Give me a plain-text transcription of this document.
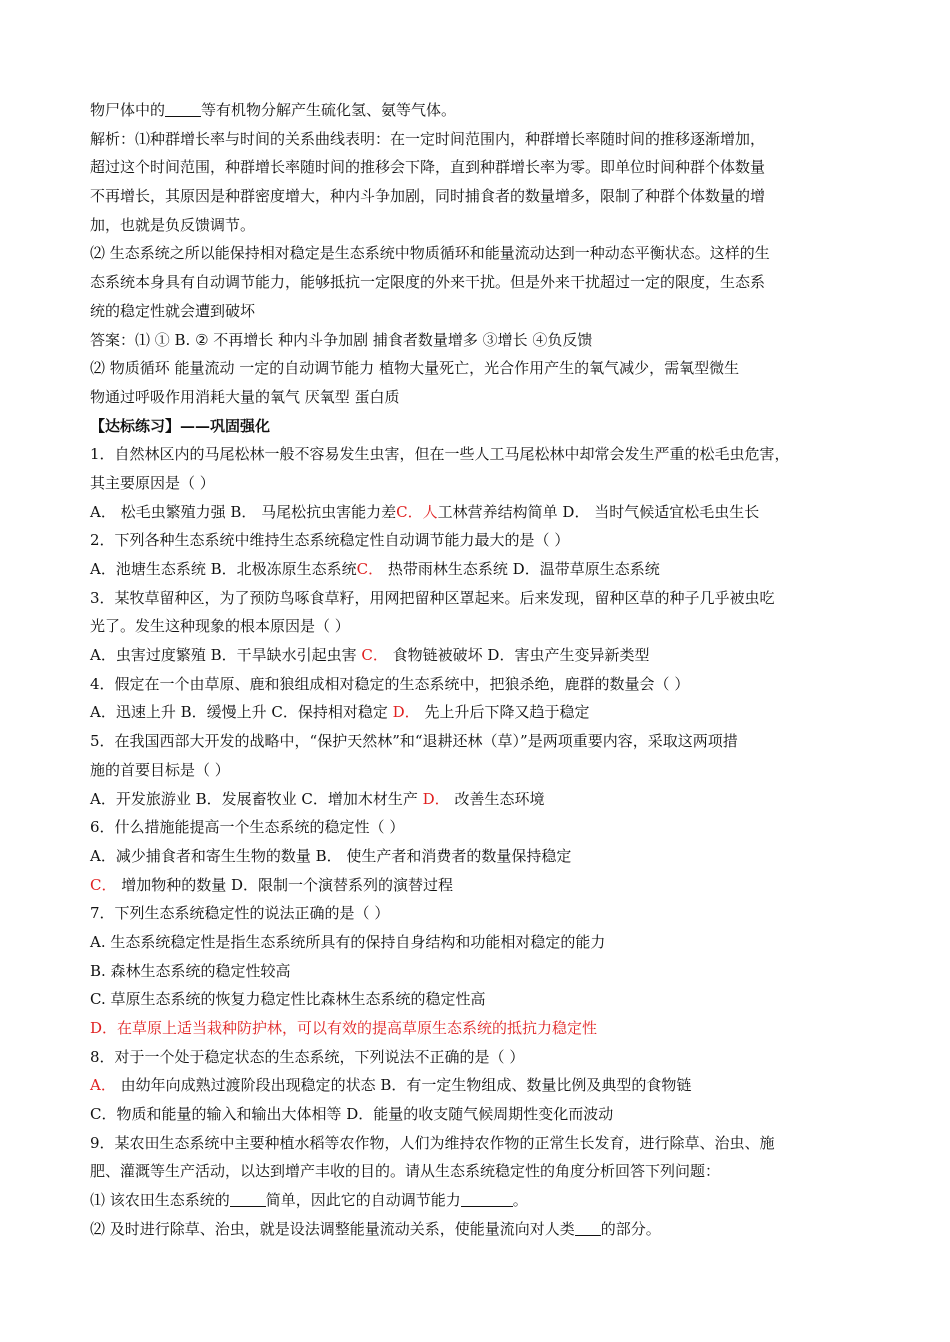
物尸体中的 等有机物分解产生硫化氢、氨等气体。
解析：⑴种群增长率与时间的关系曲线表明：在一定时间范围内，种群增长率随时间的推移逐渐增加，
超过这个时间范围，种群增长率随时间的推移会下降，直到种群增长率为零。即单位时间种群个体数量
不再增长，其原因是种群密度增大，种内斗争加剧，同时捕食者的数量增多，限制了种群个体数量的增
加，也就是负反馈调节。
⑵ 生态系统之所以能保持相对稳定是生态系统中物质循环和能量流动达到一种动态平衡状态。这样的生
态系统本身具有自动调节能力，能够抵抗一定限度的外来干扰。但是外来干扰超过一定的限度，生态系
统的稳定性就会遭到破坏
答案：⑴ ① B. ② 不再增长 种内斗争加剧 捕食者数量增多 ③增长 ④负反馈
⑵ 物质循环 能量流动 一定的自动调节能力 植物大量死亡，光合作用产生的氧气减少，需氧型微生
物通过呼吸作用消耗大量的氧气 厌氧型 蛋白质
【达标练习】——巩固强化
1．自然林区内的马尾松林一般不容易发生虫害，但在一些人工马尾松林中却常会发生严重的松毛虫危害，
其主要原因是（ ）
A． 松毛虫繁殖力强 B． 马尾松抗虫害能力差C．人工林营养结构简单 D． 当时气候适宜松毛虫生长
2．下列各种生态系统中维持生态系统稳定性自动调节能力最大的是（ ）
A．池塘生态系统 B．北极冻原生态系统C． 热带雨林生态系统 D．温带草原生态系统
3．某牧草留种区，为了预防鸟啄食草籽，用网把留种区罩起来。后来发现，留种区草的种子几乎被虫吃
光了。发生这种现象的根本原因是（ ）
A．虫害过度繁殖 B．干旱缺水引起虫害 C． 食物链被破坏 D．害虫产生变异新类型
4．假定在一个由草原、鹿和狼组成相对稳定的生态系统中，把狼杀绝，鹿群的数量会（ ）
A．迅速上升 B．缓慢上升 C．保持相对稳定 D． 先上升后下降又趋于稳定
5．在我国西部大开发的战略中，“保护天然林”和“退耕还林（草）”是两项重要内容，采取这两项措
施的首要目标是（ ）
A．开发旅游业 B．发展畜牧业 C．增加木材生产 D． 改善生态环境
6．什么措施能提高一个生态系统的稳定性（ ）
A．减少捕食者和寄生生物的数量 B． 使生产者和消费者的数量保持稳定
C． 增加物种的数量 D．限制一个演替系列的演替过程
7．下列生态系统稳定性的说法正确的是（ ）
A. 生态系统稳定性是指生态系统所具有的保持自身结构和功能相对稳定的能力
B. 森林生态系统的稳定性较高
C. 草原生态系统的恢复力稳定性比森林生态系统的稳定性高
D．在草原上适当栽种防护林，可以有效的提高草原生态系统的抵抗力稳定性
8．对于一个处于稳定状态的生态系统，下列说法不正确的是（ ）
A． 由幼年向成熟过渡阶段出现稳定的状态 B．有一定生物组成、数量比例及典型的食物链
C．物质和能量的输入和输出大体相等 D．能量的收支随气候周期性变化而波动
9．某农田生态系统中主要种植水稻等农作物，人们为维持农作物的正常生长发育，进行除草、治虫、施
肥、灌溉等生产活动，以达到增产丰收的目的。请从生态系统稳定性的角度分析回答下列问题：
⑴ 该农田生态系统的 简单，因此它的自动调节能力	。
⑵ 及时进行除草、治虫，就是设法调整能量流动关系，使能量流向对人类 的部分。
